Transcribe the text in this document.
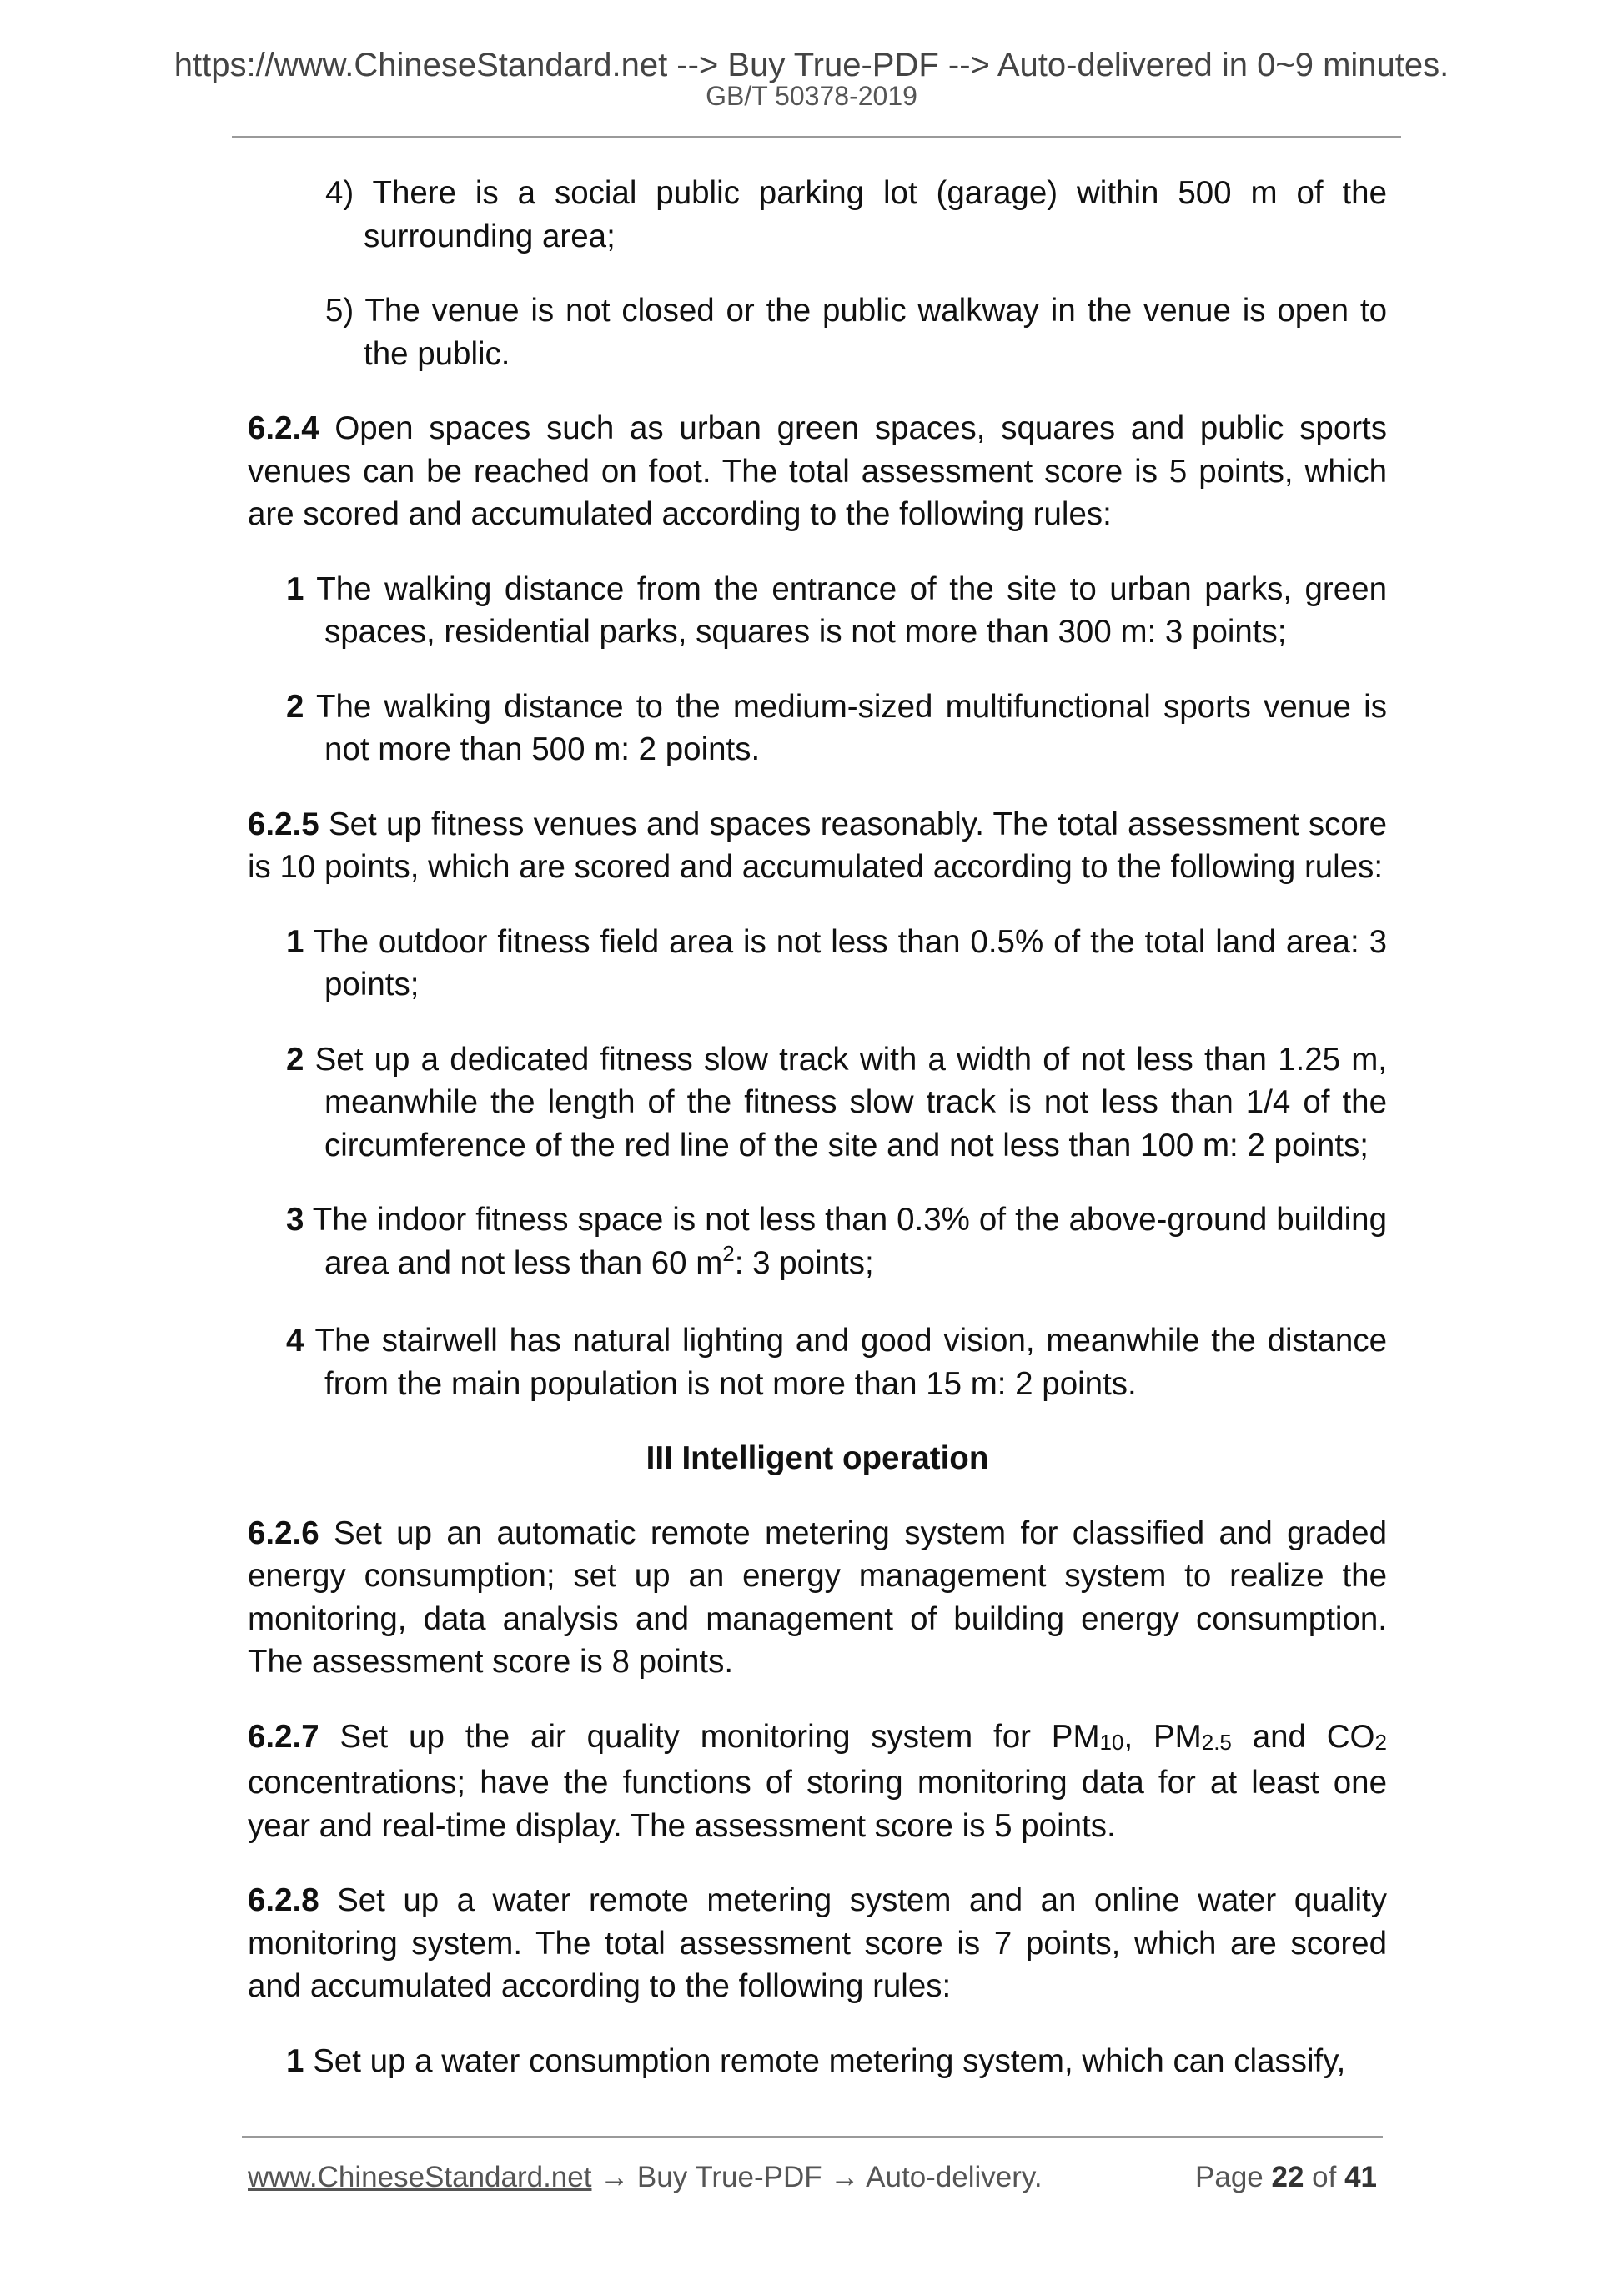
https://www.ChineseStandard.net --> Buy True-PDF --> Auto-delivered in 0~9 minutes.
GB/T 50378-2019

4) There is a social public parking lot (garage) within 500 m of the surrounding area;

5) The venue is not closed or the public walkway in the venue is open to the public.

6.2.4 Open spaces such as urban green spaces, squares and public sports venues can be reached on foot. The total assessment score is 5 points, which are scored and accumulated according to the following rules:

1 The walking distance from the entrance of the site to urban parks, green spaces, residential parks, squares is not more than 300 m: 3 points;

2 The walking distance to the medium-sized multifunctional sports venue is not more than 500 m: 2 points.

6.2.5 Set up fitness venues and spaces reasonably. The total assessment score is 10 points, which are scored and accumulated according to the following rules:

1 The outdoor fitness field area is not less than 0.5% of the total land area: 3 points;

2 Set up a dedicated fitness slow track with a width of not less than 1.25 m, meanwhile the length of the fitness slow track is not less than 1/4 of the circumference of the red line of the site and not less than 100 m: 2 points;

3 The indoor fitness space is not less than 0.3% of the above-ground building area and not less than 60 $m^2$: 3 points;

4 The stairwell has natural lighting and good vision, meanwhile the distance from the main population is not more than 15 m: 2 points.

III Intelligent operation

6.2.6 Set up an automatic remote metering system for classified and graded energy consumption; set up an energy management system to realize the monitoring, data analysis and management of building energy consumption. The assessment score is 8 points.

6.2.7 Set up the air quality monitoring system for $PM_{10}$, $PM_{2.5}$ and $CO_2$ concentrations; have the functions of storing monitoring data for at least one year and real-time display. The assessment score is 5 points.

6.2.8 Set up a water remote metering system and an online water quality monitoring system. The total assessment score is 7 points, which are scored and accumulated according to the following rules:

1 Set up a water consumption remote metering system, which can classify,

www.ChineseStandard.net → Buy True-PDF → Auto-delivery.	Page 22 of 41
